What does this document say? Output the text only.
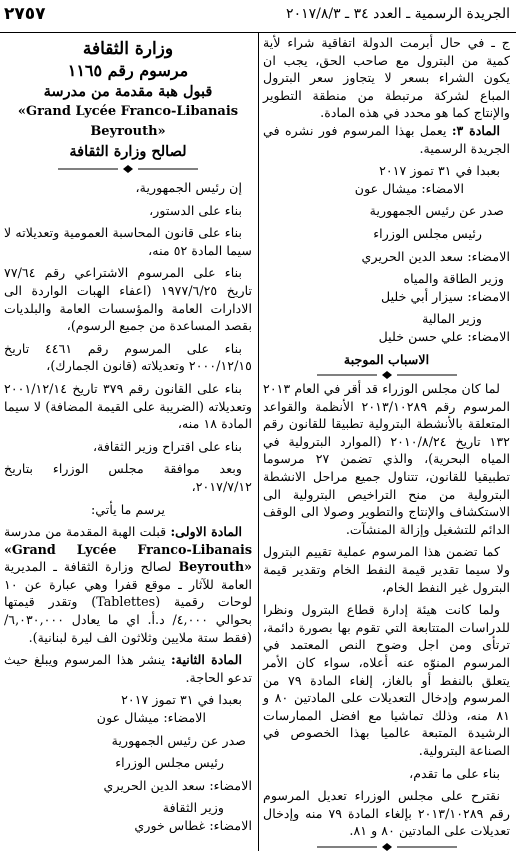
٢٧٥٧	الجريدة الرسمية ـ العدد ٣٤ ـ ٢٠١٧/٨/٣

ج ـ في حال أبرمت الدولة اتفاقية شراء لأية كمية من البترول مع صاحب الحق، يجب ان يكون الشراء بسعر لا يتجاوز سعر البترول المباع لشركة مرتبطة من منطقة التطوير والإنتاج كما هو محدد في هذه المادة.

المادة ٣: يعمل بهذا المرسوم فور نشره في الجريدة الرسمية.

بعبدا في ٣١ تموز ٢٠١٧

الامضاء: ميشال عون

صدر عن رئيس الجمهورية

رئيس مجلس الوزراء

الامضاء: سعد الدين الحريري

وزير الطاقة والمياه

الامضاء: سيزار أبي خليل

وزير المالية

الامضاء: علي حسن خليل

الاسباب الموجبة

لما كان مجلس الوزراء قد أقر في العام ٢٠١٣ المرسوم رقم ٢٠١٣/١٠٢٨٩ الأنظمة والقواعد المتعلقة بالأنشطة البترولية تطبيقا للقانون رقم ١٣٢ تاريخ ٢٠١٠/٨/٢٤ (الموارد البترولية في المياه البحرية)، والذي تضمن ٢٧ مرسوما تطبيقيا للقانون، تتناول جميع مراحل الانشطة البترولية من منح التراخيص البترولية الى الاستكشاف والإنتاج والتطوير وصولا الى الوقف الدائم للتشغيل وإزالة المنشآت.

كما تضمن هذا المرسوم عملية تقييم البترول ولا سيما تقدير قيمة النفط الخام وتقدير قيمة البترول غير النفط الخام،

ولما كانت هيئة إدارة قطاع البترول ونظرا للدراسات المتتابعة التي تقوم بها بصورة دائمة، ترتأى ومن اجل وضوح النص المعتمد في المرسوم المنوّه عنه أعلاه، سواء كان الأمر يتعلق بالنفط أو بالغاز، إلغاء المادة ٧٩ من المرسوم وإدخال التعديلات على المادتين ٨٠ و ٨١ منه، وذلك تماشيا مع افضل الممارسات الرشيدة المتبعة عالميا بهذا الخصوص في الصناعة البترولية.

بناء على ما تقدم،

نقترح على مجلس الوزراء تعديل المرسوم رقم ٢٠١٣/١٠٢٨٩ بإلغاء المادة ٧٩ منه وإدخال تعديلات على المادتين ٨٠ و ٨١.

وزارة الثقافة

مرسوم رقم ١١٦٥

قبول هبة مقدمة من مدرسة

«Grand Lycée Franco-Libanais Beyrouth»

لصالح وزارة الثقافة

إن رئيس الجمهورية،

بناء على الدستور،

بناء على قانون المحاسبة العمومية وتعديلاته لا سيما المادة ٥٢ منه،

بناء على المرسوم الاشتراعي رقم ٧٧/٦٤ تاريخ ١٩٧٧/٦/٢٥ (اعفاء الهبات الواردة الى الادارات العامة والمؤسسات العامة والبلديات بقصد المساعدة من جميع الرسوم)،

بناء على المرسوم رقم ٤٤٦١ تاريخ ٢٠٠٠/١٢/١٥ وتعديلاته (قانون الجمارك)،

بناء على القانون رقم ٣٧٩ تاريخ ٢٠٠١/١٢/١٤ وتعديلاته (الضريبة على القيمة المضافة) لا سيما المادة ١٨ منه،

بناء على اقتراح وزير الثقافة،

وبعد موافقة مجلس الوزراء بتاريخ ٢٠١٧/٧/١٢،

يرسم ما يأتي:

المادة الاولى: قبلت الهبة المقدمة من مدرسة «Grand Lycée Franco-Libanais Beyrouth» لصالح وزارة الثقافة ـ المديرية العامة للآثار ـ موقع قفرا وهي عبارة عن ١٠ لوحات رقمية (Tablettes) وتقدر قيمتها بحوالي ٤,٠٠٠/ د.أ. اي ما يعادل ٦,٠٣٠,٠٠٠/ (فقط ستة ملايين وثلاثون الف ليرة لبنانية).

المادة الثانية: ينشر هذا المرسوم ويبلغ حيث تدعو الحاجة.

بعبدا في ٣١ تموز ٢٠١٧

الامضاء: ميشال عون

صدر عن رئيس الجمهورية

رئيس مجلس الوزراء

الامضاء: سعد الدين الحريري

وزير الثقافة

الامضاء: غطاس خوري
